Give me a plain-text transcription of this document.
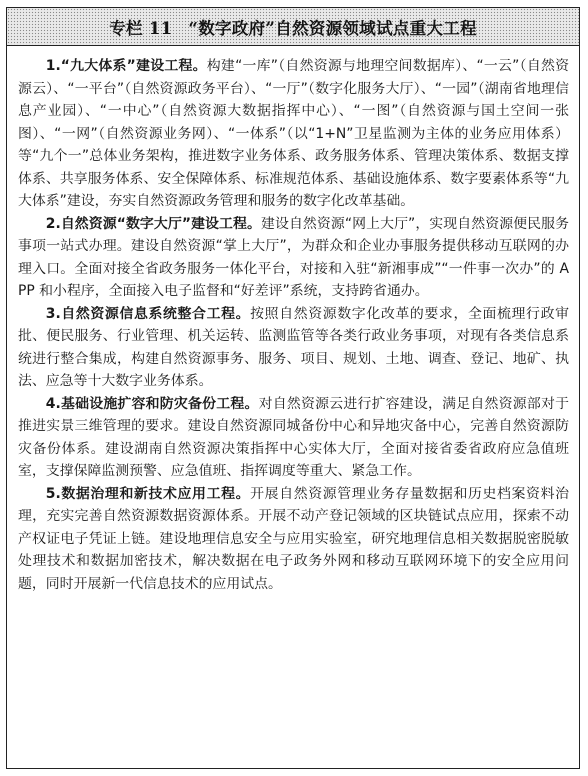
专栏 11 “数字政府”自然资源领域试点重大工程

1.“九大体系”建设工程。构建“一库”（自然资源与地理空间数据库）、“一云”（自然资源云）、“一平台”（自然资源政务平台）、“一厅”（数字化服务大厅）、“一园”（湖南省地理信息产业园）、“一中心”（自然资源大数据指挥中心）、“一图”（自然资源与国土空间一张图）、“一网”（自然资源业务网）、“一体系”（以“1+N”卫星监测为主体的业务应用体系）等“九个一”总体业务架构，推进数字业务体系、政务服务体系、管理决策体系、数据支撑体系、共享服务体系、安全保障体系、标准规范体系、基础设施体系、数字要素体系等“九大体系”建设，夯实自然资源政务管理和服务的数字化改革基础。

2.自然资源“数字大厅”建设工程。建设自然资源“网上大厅”，实现自然资源便民服务事项一站式办理。建设自然资源“掌上大厅”，为群众和企业办事服务提供移动互联网的办理入口。全面对接全省政务服务一体化平台，对接和入驻“新湘事成”“一件事一次办”的 APP 和小程序，全面接入电子监督和“好差评”系统，支持跨省通办。

3.自然资源信息系统整合工程。按照自然资源数字化改革的要求，全面梳理行政审批、便民服务、行业管理、机关运转、监测监管等各类行政业务事项，对现有各类信息系统进行整合集成，构建自然资源事务、服务、项目、规划、土地、调查、登记、地矿、执法、应急等十大数字业务体系。

4.基础设施扩容和防灾备份工程。对自然资源云进行扩容建设，满足自然资源部对于推进实景三维管理的要求。建设自然资源同城备份中心和异地灾备中心，完善自然资源防灾备份体系。建设湖南自然资源决策指挥中心实体大厅，全面对接省委省政府应急值班室，支撑保障监测预警、应急值班、指挥调度等重大、紧急工作。

5.数据治理和新技术应用工程。开展自然资源管理业务存量数据和历史档案资料治理，充实完善自然资源数据资源体系。开展不动产登记领域的区块链试点应用，探索不动产权证电子凭证上链。建设地理信息安全与应用实验室，研究地理信息相关数据脱密脱敏处理技术和数据加密技术，解决数据在电子政务外网和移动互联网环境下的安全应用问题，同时开展新一代信息技术的应用试点。
